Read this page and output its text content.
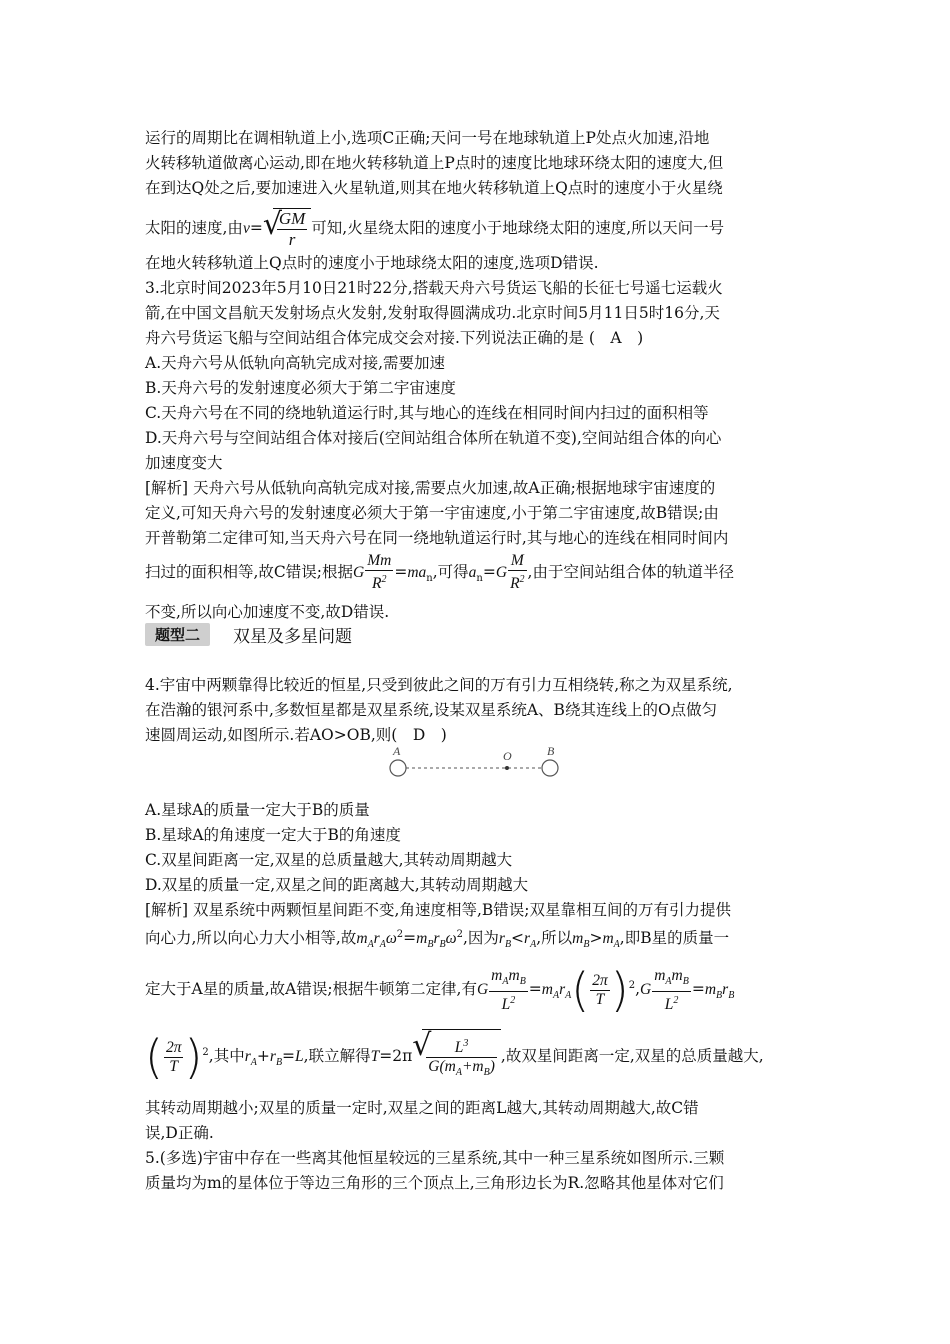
运行的周期比在调相轨道上小,选项C正确;天问一号在地球轨道上P处点火加速,沿地
火转移轨道做离心运动,即在地火转移轨道上P点时的速度比地球环绕太阳的速度大,但
在到达Q处之后,要加速进入火星轨道,则其在地火转移轨道上Q点时的速度小于火星绕
太阳的速度,由v= √
$\frac{GM}{r}$ 可知,火星绕太阳的速度小于地球绕太阳的速度,所以天问一号
在地火转移轨道上Q点时的速度小于地球绕太阳的速度,选项D错误.
3.北京时间2023年5月10日21时22分,搭载天舟六号货运飞船的长征七号遥七运载火
箭,在中国文昌航天发射场点火发射,发射取得圆满成功.北京时间5月11日5时16分,天
舟六号货运飞船与空间站组合体完成交会对接.下列说法正确的是 (　A　)
A.天舟六号从低轨向高轨完成对接,需要加速
B.天舟六号的发射速度必须大于第二宇宙速度
C.天舟六号在不同的绕地轨道运行时,其与地心的连线在相同时间内扫过的面积相等
D.天舟六号与空间站组合体对接后(空间站组合体所在轨道不变),空间站组合体的向心
加速度变大
[解析] 天舟六号从低轨向高轨完成对接,需要点火加速,故A正确;根据地球宇宙速度的
定义,可知天舟六号的发射速度必须大于第一宇宙速度,小于第二宇宙速度,故B错误;由
开普勒第二定律可知,当天舟六号在同一绕地轨道运行时,其与地心的连线在相同时间内
扫过的面积相等,故C错误;根据G $\frac{Mm}{R^2} =ma_n$,可得$a_n=G \frac{M}{R^2}$ ,由于空间站组合体的轨道半径
不变,所以向心加速度不变,故D错误.
题型二	双星及多星问题
4.宇宙中两颗靠得比较近的恒星,只受到彼此之间的万有引力互相绕转,称之为双星系统,
在浩瀚的银河系中,多数恒星都是双星系统,设某双星系统A、B绕其连线上的O点做匀
速圆周运动,如图所示.若AO>OB,则(　D　)
A	O	B
A.星球A的质量一定大于B的质量
B.星球A的角速度一定大于B的角速度
C.双星间距离一定,双星的总质量越大,其转动周期越大
D.双星的质量一定,双星之间的距离越大,其转动周期越大
[解析] 双星系统中两颗恒星间距不变,角速度相等,B错误;双星靠相互间的万有引力提供
向心力,所以向心力大小相等,故$m_Ar_A\omega^2=m_Br_B\omega^2$,因为$r_B<r_A$,所以$m_B>m_A$,即B星的质量一
定大于A星的质量,故A错误;根据牛顿第二定律,有G $\frac{m_Am_B}{L^2} =m_Ar_A( \frac{2\pi}{T} )^2,G \frac{m_Am_B}{L^2} =m_Br_B$
( $\frac{2\pi}{T} )^2$,其中$r_A+r_B=L$,联立解得T=2π √
$\frac{L^3}{G(m_A+m_B)}$ ,故双星间距离一定,双星的总质量越大,
其转动周期越小;双星的质量一定时,双星之间的距离L越大,其转动周期越大,故C错
误,D正确.
5.(多选)宇宙中存在一些离其他恒星较远的三星系统,其中一种三星系统如图所示.三颗
质量均为m的星体位于等边三角形的三个顶点上,三角形边长为R.忽略其他星体对它们
